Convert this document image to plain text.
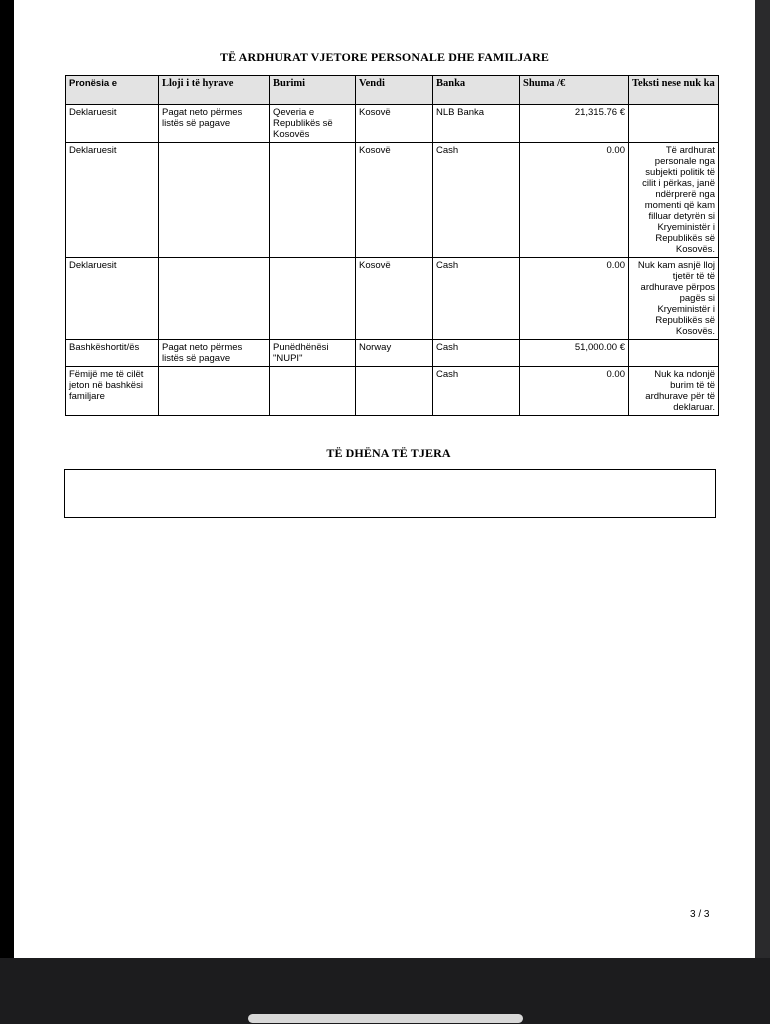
TË ARDHURAT VJETORE PERSONALE DHE FAMILJARE
Pronësia e	Lloji i të hyrave	Burimi	Vendi	Banka	Shuma /€	Teksti nese nuk ka
Deklaruesit	Pagat neto përmes listës së pagave	Qeveria e Republikës së Kosovës	Kosovë	NLB Banka	21,315.76 €	
Deklaruesit			Kosovë	Cash	0.00	Të ardhurat personale nga subjekti politik të cilit i përkas, janë ndërprerë nga momenti që kam filluar detyrën si Kryeministër i Republikës së Kosovës.
Deklaruesit			Kosovë	Cash	0.00	Nuk kam asnjë lloj tjetër të të ardhurave përpos pagës si Kryeministër i Republikës së Kosovës.
Bashkëshortit/ës	Pagat neto përmes listës së pagave	Punëdhënësi "NUPI"	Norway	Cash	51,000.00 €	
Fëmijë me të cilët jeton në bashkësi familjare				Cash	0.00	Nuk ka ndonjë burim të të ardhurave për të deklaruar.
TË DHËNA TË TJERA
3 / 3
